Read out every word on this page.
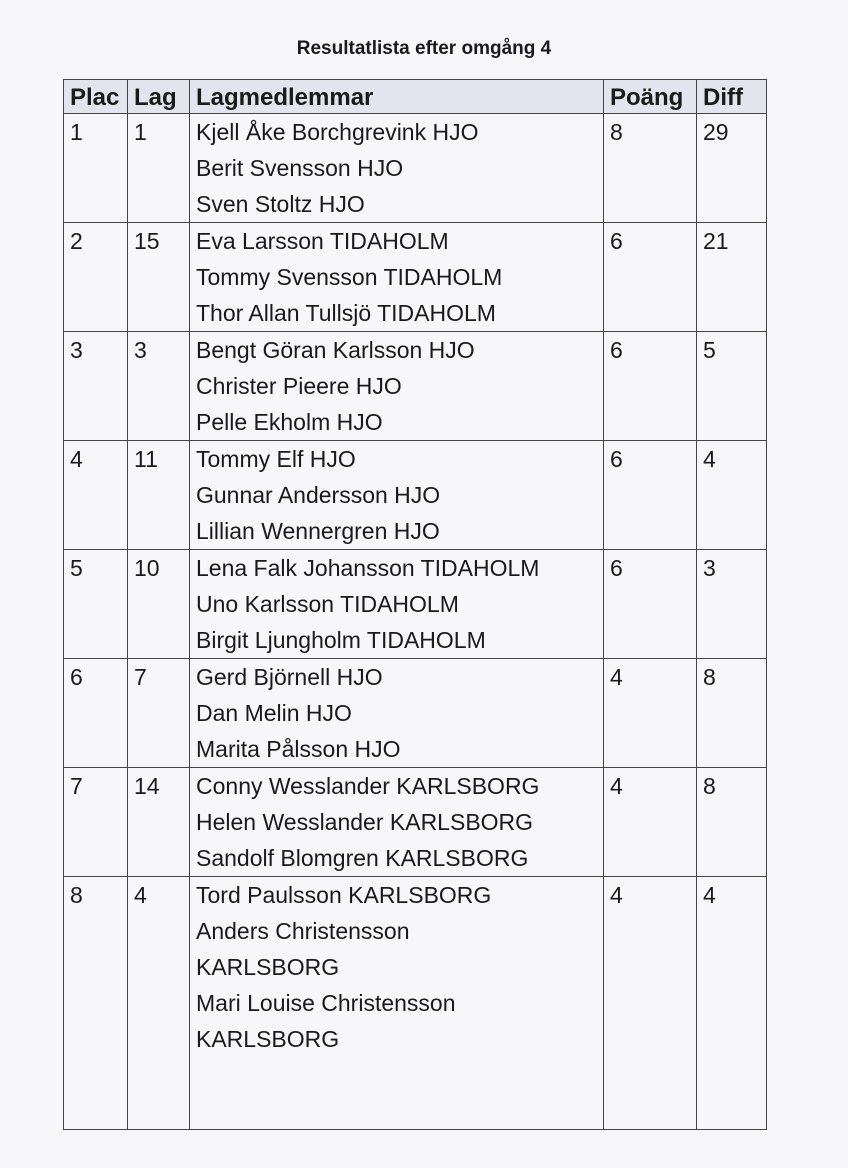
Resultatlista efter omgång 4
Plac	Lag	Lagmedlemmar	Poäng	Diff
1	1	Kjell Åke Borchgrevink HJO
Berit Svensson HJO
Sven Stoltz HJO	8	29
2	15	Eva Larsson TIDAHOLM
Tommy Svensson TIDAHOLM
Thor Allan Tullsjö TIDAHOLM	6	21
3	3	Bengt Göran Karlsson HJO
Christer Pieere HJO
Pelle Ekholm HJO	6	5
4	11	Tommy Elf HJO
Gunnar Andersson HJO
Lillian Wennergren HJO	6	4
5	10	Lena Falk Johansson TIDAHOLM
Uno Karlsson TIDAHOLM
Birgit Ljungholm TIDAHOLM	6	3
6	7	Gerd Björnell HJO
Dan Melin HJO
Marita Pålsson HJO	4	8
7	14	Conny Wesslander KARLSBORG
Helen Wesslander KARLSBORG
Sandolf Blomgren KARLSBORG	4	8
8	4	Tord Paulsson KARLSBORG
Anders Christensson
KARLSBORG
Mari Louise Christensson
KARLSBORG	4	4
